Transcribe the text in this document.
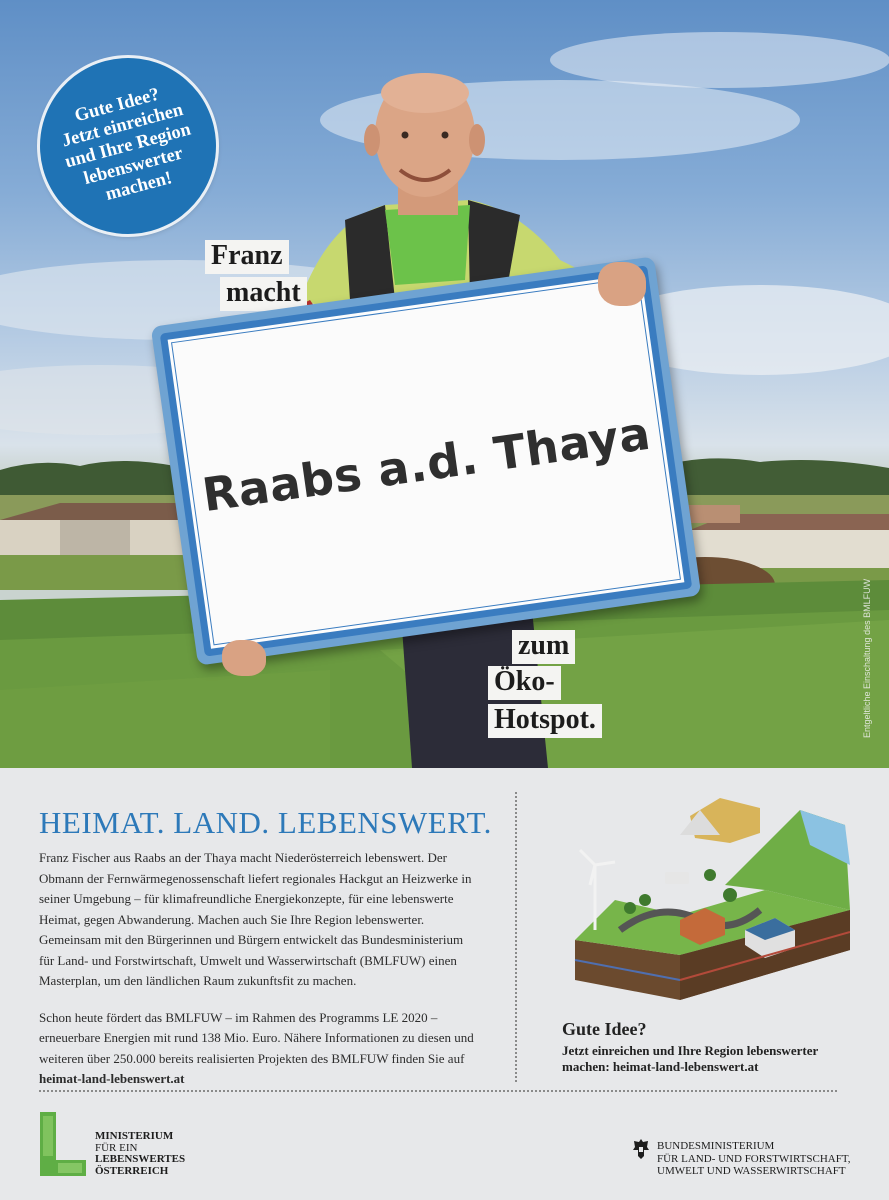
Gute Idee?
Jetzt einreichen
und Ihre Region
lebenswerter
machen!
Franz
macht
Raabs a.d. Thaya
zum
Öko-
Hotspot.	Entgeltliche Einschaltung des BMLFUW
HEIMAT. LAND. LEBENSWERT.

Franz Fischer aus Raabs an der Thaya macht Niederösterreich lebenswert. Der Obmann der Fernwärmegenossenschaft liefert regionales Hackgut an Heizwerke in seiner Umgebung – für klimafreundliche Energiekonzepte, für eine lebenswerte Heimat, gegen Abwanderung. Machen auch Sie Ihre Region lebenswerter. Gemeinsam mit den Bürgerinnen und Bürgern entwickelt das Bundesministerium für Land- und Forstwirtschaft, Umwelt und Wasserwirtschaft (BMLFUW) einen Masterplan, um den ländlichen Raum zukunftsfit zu machen.

Schon heute fördert das BMLFUW – im Rahmen des Programms LE 2020 – erneuerbare Energien mit rund 138 Mio. Euro. Nähere Informationen zu diesen und weiteren über 250.000 bereits realisierten Projekten des BMLFUW finden Sie auf heimat-land-lebenswert.at

Gute Idee?
Jetzt einreichen und Ihre Region lebenswerter machen: heimat-land-lebenswert.at
MINISTERIUM
FÜR EIN
LEBENSWERTES
ÖSTERREICH
BUNDESMINISTERIUM
FÜR LAND- UND FORSTWIRTSCHAFT,
UMWELT UND WASSERWIRTSCHAFT
